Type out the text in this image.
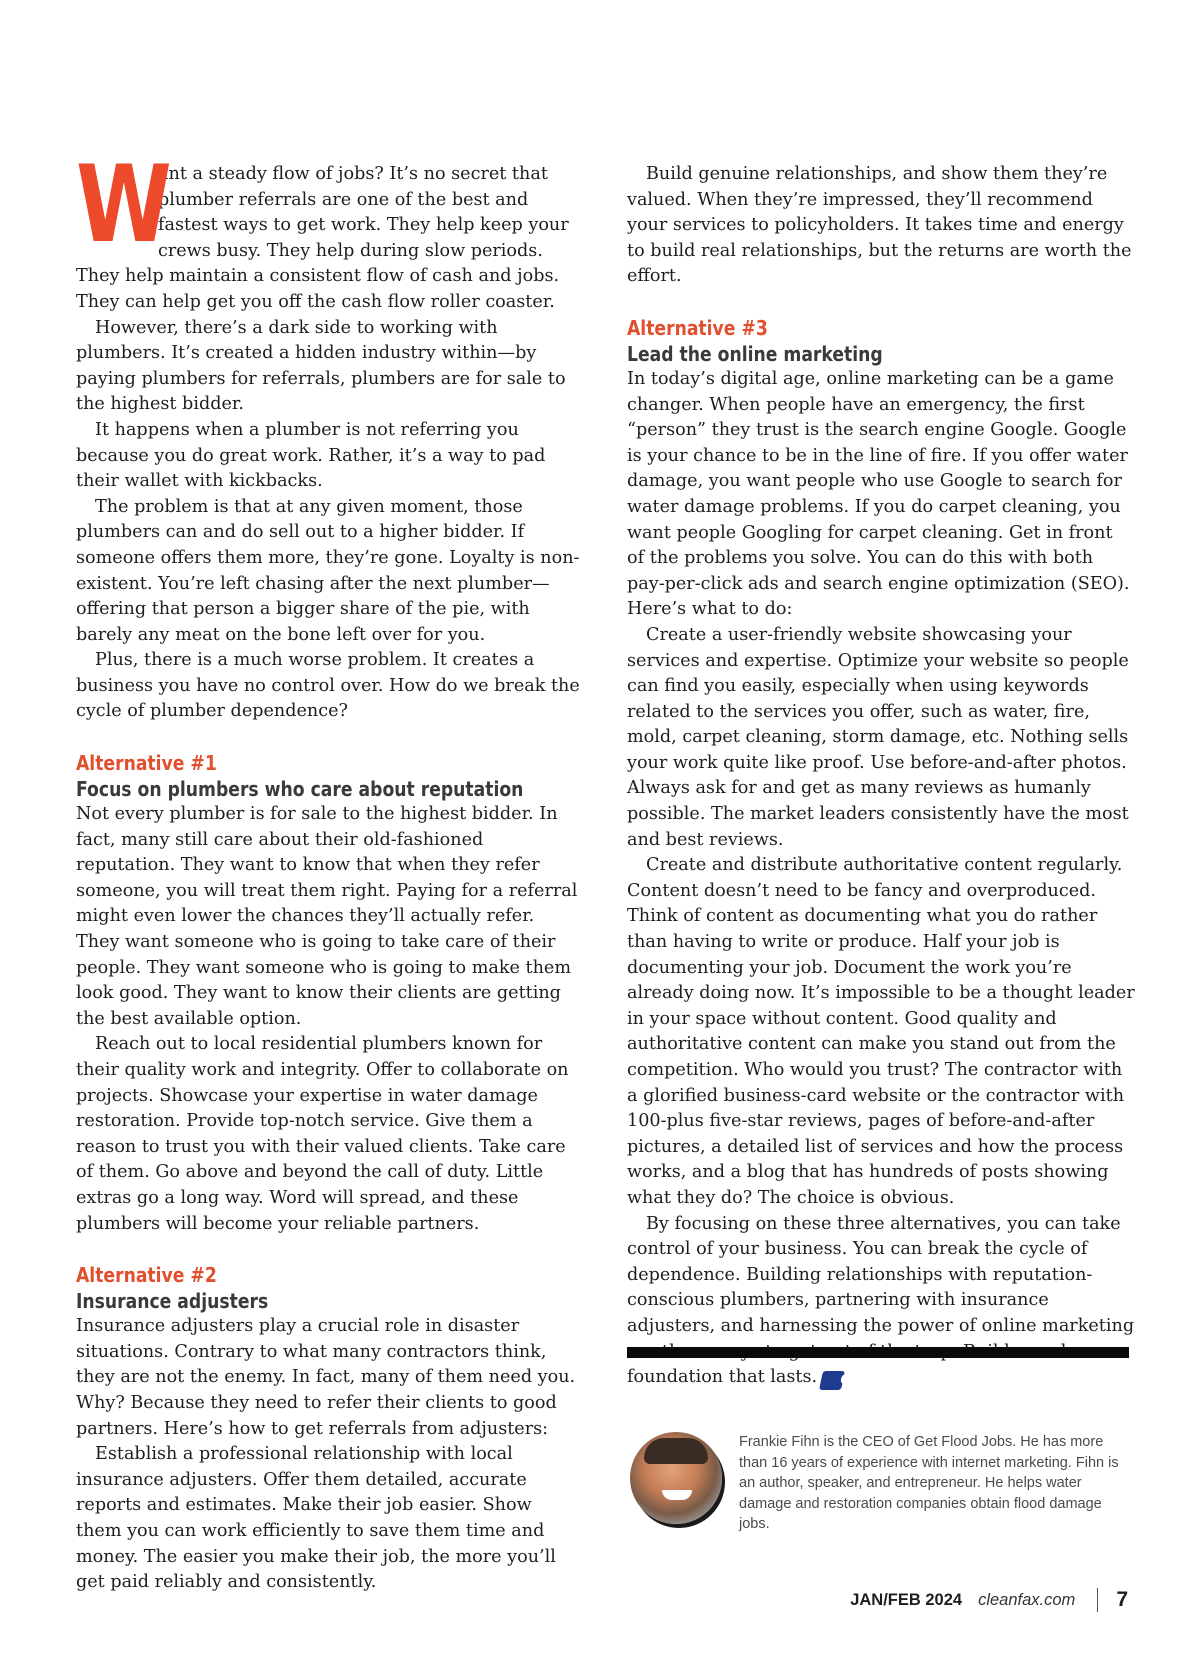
W

ant a steady flow of jobs? It’s no secret that plumber referrals are one of the best and fastest ways to get work. They help keep your crews busy. They help during slow periods. They help maintain a consistent flow of cash and jobs. They can help get you off the cash flow roller coaster.

However, there’s a dark side to working with plumbers. It’s created a hidden industry within—by paying plumbers for referrals, plumbers are for sale to the highest bidder.

It happens when a plumber is not referring you because you do great work. Rather, it’s a way to pad their wallet with kickbacks.

The problem is that at any given moment, those plumbers can and do sell out to a higher bidder. If someone offers them more, they’re gone. Loyalty is non-existent. You’re left chasing after the next plumber—offering that person a bigger share of the pie, with barely any meat on the bone left over for you.

Plus, there is a much worse problem. It creates a business you have no control over. How do we break the cycle of plumber dependence?

Alternative #1
Focus on plumbers who care about reputation

Not every plumber is for sale to the highest bidder. In fact, many still care about their old-fashioned reputation. They want to know that when they refer someone, you will treat them right. Paying for a referral might even lower the chances they’ll actually refer. They want someone who is going to take care of their people. They want someone who is going to make them look good. They want to know their clients are getting the best available option.

Reach out to local residential plumbers known for their quality work and integrity. Offer to collaborate on projects. Showcase your expertise in water damage restoration. Provide top-notch service. Give them a reason to trust you with their valued clients. Take care of them. Go above and beyond the call of duty. Little extras go a long way. Word will spread, and these plumbers will become your reliable partners.

Alternative #2
Insurance adjusters

Insurance adjusters play a crucial role in disaster situations. Contrary to what many contractors think, they are not the enemy. In fact, many of them need you. Why? Because they need to refer their clients to good partners. Here’s how to get referrals from adjusters:

Establish a professional relationship with local insurance adjusters. Offer them detailed, accurate reports and estimates. Make their job easier. Show them you can work efficiently to save them time and money. The easier you make their job, the more you’ll get paid reliably and consistently.

Build genuine relationships, and show them they’re valued. When they’re impressed, they’ll recommend your services to policyholders. It takes time and energy to build real relationships, but the returns are worth the effort.

Alternative #3
Lead the online marketing

In today’s digital age, online marketing can be a game changer. When people have an emergency, the first “person” they trust is the search engine Google. Google is your chance to be in the line of fire. If you offer water damage, you want people who use Google to search for water damage problems. If you do carpet cleaning, you want people Googling for carpet cleaning. Get in front of the problems you solve. You can do this with both pay-per-click ads and search engine optimization (SEO). Here’s what to do:

Create a user-friendly website showcasing your services and expertise. Optimize your website so people can find you easily, especially when using keywords related to the services you offer, such as water, fire, mold, carpet cleaning, storm damage, etc. Nothing sells your work quite like proof. Use before-and-after photos. Always ask for and get as many reviews as humanly possible. The market leaders consistently have the most and best reviews.

Create and distribute authoritative content regularly. Content doesn’t need to be fancy and overproduced. Think of content as documenting what you do rather than having to write or produce. Half your job is documenting your job. Document the work you’re already doing now. It’s impossible to be a thought leader in your space without content. Good quality and authoritative content can make you stand out from the competition. Who would you trust? The contractor with a glorified business-card website or the contractor with 100-plus five-star reviews, pages of before-and-after pictures, a detailed list of services and how the process works, and a blog that has hundreds of posts showing what they do? The choice is obvious.

By focusing on these three alternatives, you can take control of your business. You can break the cycle of dependence. Building relationships with reputation-conscious plumbers, partnering with insurance adjusters, and harnessing the power of online marketing foundation that lasts. C

Frankie Fihn is the CEO of Get Flood Jobs. He has more than 16 years of experience with internet marketing. Fihn is an author, speaker, and entrepreneur. He helps water damage and restoration companies obtain flood damage jobs.
JAN/FEB 2024 cleanfax.com 7
